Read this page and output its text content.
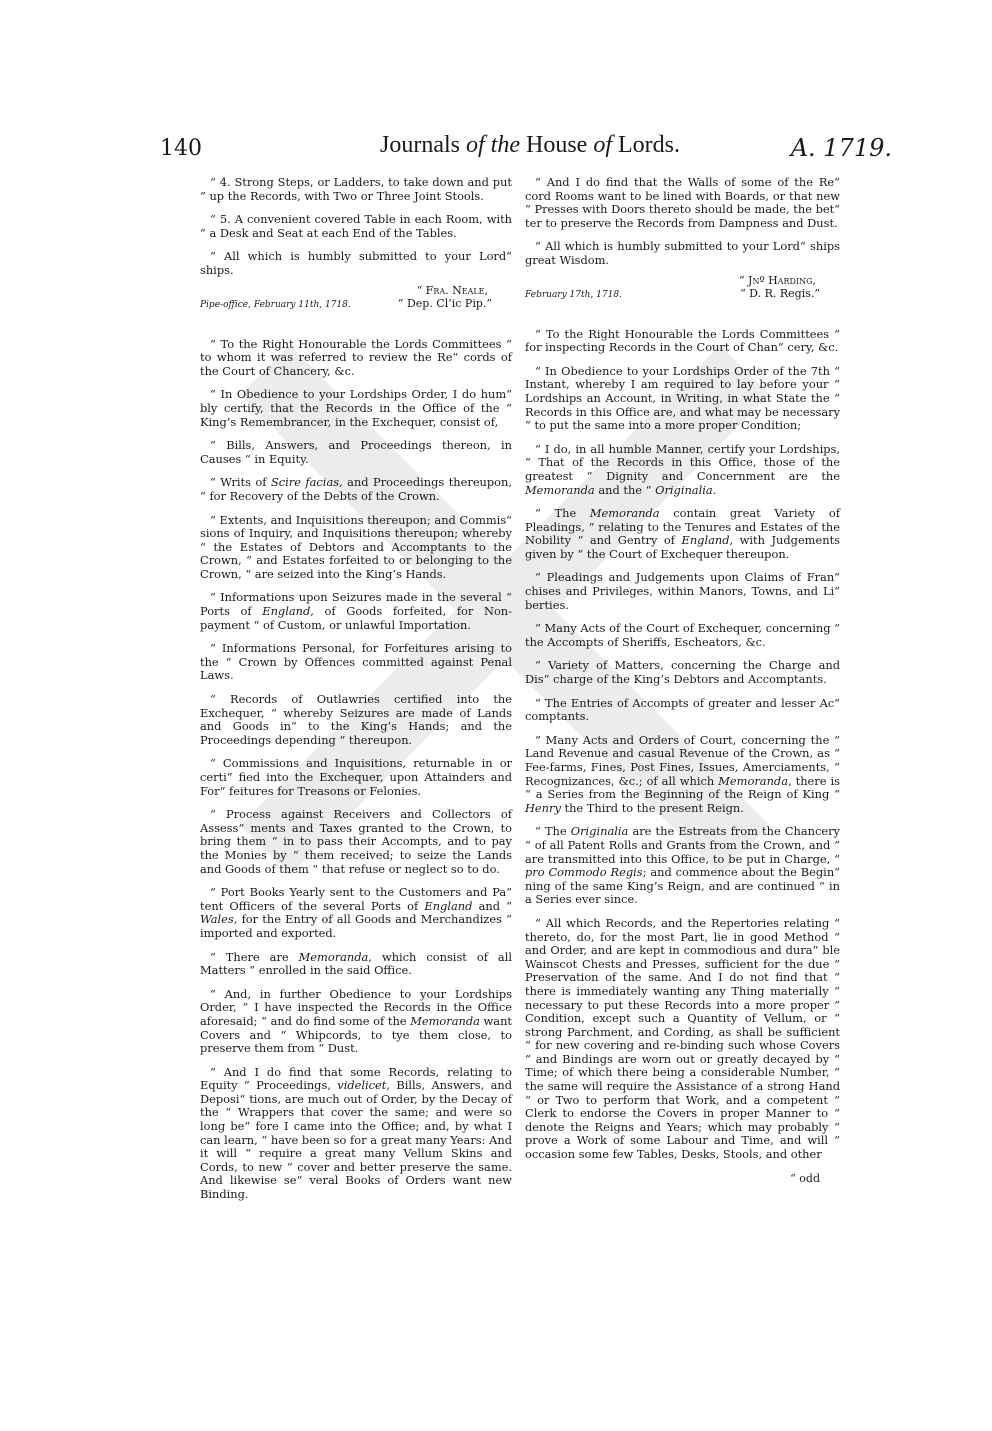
140	Journals of the House of Lords.	A. 1719.

“ 4. Strong Steps, or Ladders, to take down and put “ up the Records, with Two or Three Joint Stools.

“ 5. A convenient covered Table in each Room, with “ a Desk and Seat at each End of the Tables.

“ All which is humbly submitted to your Lord“ ships.

Pipe-office, February 11th, 1718.
“ Fra. Neale,
“ Dep. Cl’ic Pip.”

“ To the Right Honourable the Lords Committees “ to whom it was referred to review the Re“ cords of the Court of Chancery, &c.

“ In Obedience to your Lordships Order, I do hum“ bly certify, that the Records in the Office of the “ King’s Remembrancer, in the Exchequer, consist of,

“ Bills, Answers, and Proceedings thereon, in Causes “ in Equity.

“ Writs of Scire facias, and Proceedings thereupon, “ for Recovery of the Debts of the Crown.

“ Extents, and Inquisitions thereupon; and Commis“ sions of Inquiry, and Inquisitions thereupon; whereby “ the Estates of Debtors and Accomptants to the Crown, “ and Estates forfeited to or belonging to the Crown, “ are seized into the King’s Hands.

“ Informations upon Seizures made in the several “ Ports of England, of Goods forfeited, for Non-payment “ of Custom, or unlawful Importation.

“ Informations Personal, for Forfeitures arising to the “ Crown by Offences committed against Penal Laws.

“ Records of Outlawries certified into the Exchequer, “ whereby Seizures are made of Lands and Goods in“ to the King’s Hands; and the Proceedings depending “ thereupon.

“ Commissions and Inquisitions, returnable in or certi“ fied into the Exchequer, upon Attainders and For“ feitures for Treasons or Felonies.

“ Process against Receivers and Collectors of Assess“ ments and Taxes granted to the Crown, to bring them “ in to pass their Accompts, and to pay the Monies by “ them received; to seize the Lands and Goods of them “ that refuse or neglect so to do.

“ Port Books Yearly sent to the Customers and Pa“ tent Officers of the several Ports of England and “ Wales, for the Entry of all Goods and Merchandizes “ imported and exported.

“ There are Memoranda, which consist of all Matters “ enrolled in the said Office.

“ And, in further Obedience to your Lordships Order, “ I have inspected the Records in the Office aforesaid; “ and do find some of the Memoranda want Covers and “ Whipcords, to tye them close, to preserve them from “ Dust.

“ And I do find that some Records, relating to Equity “ Proceedings, videlicet, Bills, Answers, and Deposi“ tions, are much out of Order, by the Decay of the “ Wrappers that cover the same; and were so long be“ fore I came into the Office; and, by what I can learn, “ have been so for a great many Years: And it will “ require a great many Vellum Skins and Cords, to new “ cover and better preserve the same. And likewise se“ veral Books of Orders want new Binding.

“ And I do find that the Walls of some of the Re“ cord Rooms want to be lined with Boards, or that new “ Presses with Doors thereto should be made, the bet“ ter to preserve the Records from Dampness and Dust.

“ All which is humbly submitted to your Lord“ ships great Wisdom.

February 17th, 1718.
“ Jnº Harding,
“ D. R. Regis.”

“ To the Right Honourable the Lords Committees “ for inspecting Records in the Court of Chan“ cery, &c.

“ In Obedience to your Lordships Order of the 7th “ Instant, whereby I am required to lay before your “ Lordships an Account, in Writing, in what State the “ Records in this Office are, and what may be necessary “ to put the same into a more proper Condition;

“ I do, in all humble Manner, certify your Lordships, “ That of the Records in this Office, those of the greatest “ Dignity and Concernment are the Memoranda and the “ Originalia.

“ The Memoranda contain great Variety of Pleadings, “ relating to the Tenures and Estates of the Nobility “ and Gentry of England, with Judgements given by “ the Court of Exchequer thereupon.

“ Pleadings and Judgements upon Claims of Fran“ chises and Privileges, within Manors, Towns, and Li“ berties.

“ Many Acts of the Court of Exchequer, concerning “ the Accompts of Sheriffs, Escheators, &c.

“ Variety of Matters, concerning the Charge and Dis“ charge of the King’s Debtors and Accomptants.

“ The Entries of Accompts of greater and lesser Ac“ comptants.

“ Many Acts and Orders of Court, concerning the “ Land Revenue and casual Revenue of the Crown, as “ Fee-farms, Fines, Post Fines, Issues, Amerciaments, “ Recognizances, &c.; of all which Memoranda, there is “ a Series from the Beginning of the Reign of King “ Henry the Third to the present Reign.

“ The Originalia are the Estreats from the Chancery “ of all Patent Rolls and Grants from the Crown, and “ are transmitted into this Office, to be put in Charge, “ pro Commodo Regis; and commence about the Begin“ ning of the same King’s Reign, and are continued “ in a Series ever since.

“ All which Records, and the Repertories relating “ thereto, do, for the most Part, lie in good Method “ and Order, and are kept in commodious and dura“ ble Wainscot Chests and Presses, sufficient for the due “ Preservation of the same. And I do not find that “ there is immediately wanting any Thing materially “ necessary to put these Records into a more proper “ Condition, except such a Quantity of Vellum, or “ strong Parchment, and Cording, as shall be sufficient “ for new covering and re-binding such whose Covers “ and Bindings are worn out or greatly decayed by “ Time; of which there being a considerable Number, “ the same will require the Assistance of a strong Hand “ or Two to perform that Work, and a competent “ Clerk to endorse the Covers in proper Manner to “ denote the Reigns and Years; which may probably “ prove a Work of some Labour and Time, and will “ occasion some few Tables, Desks, Stools, and other

“ odd
